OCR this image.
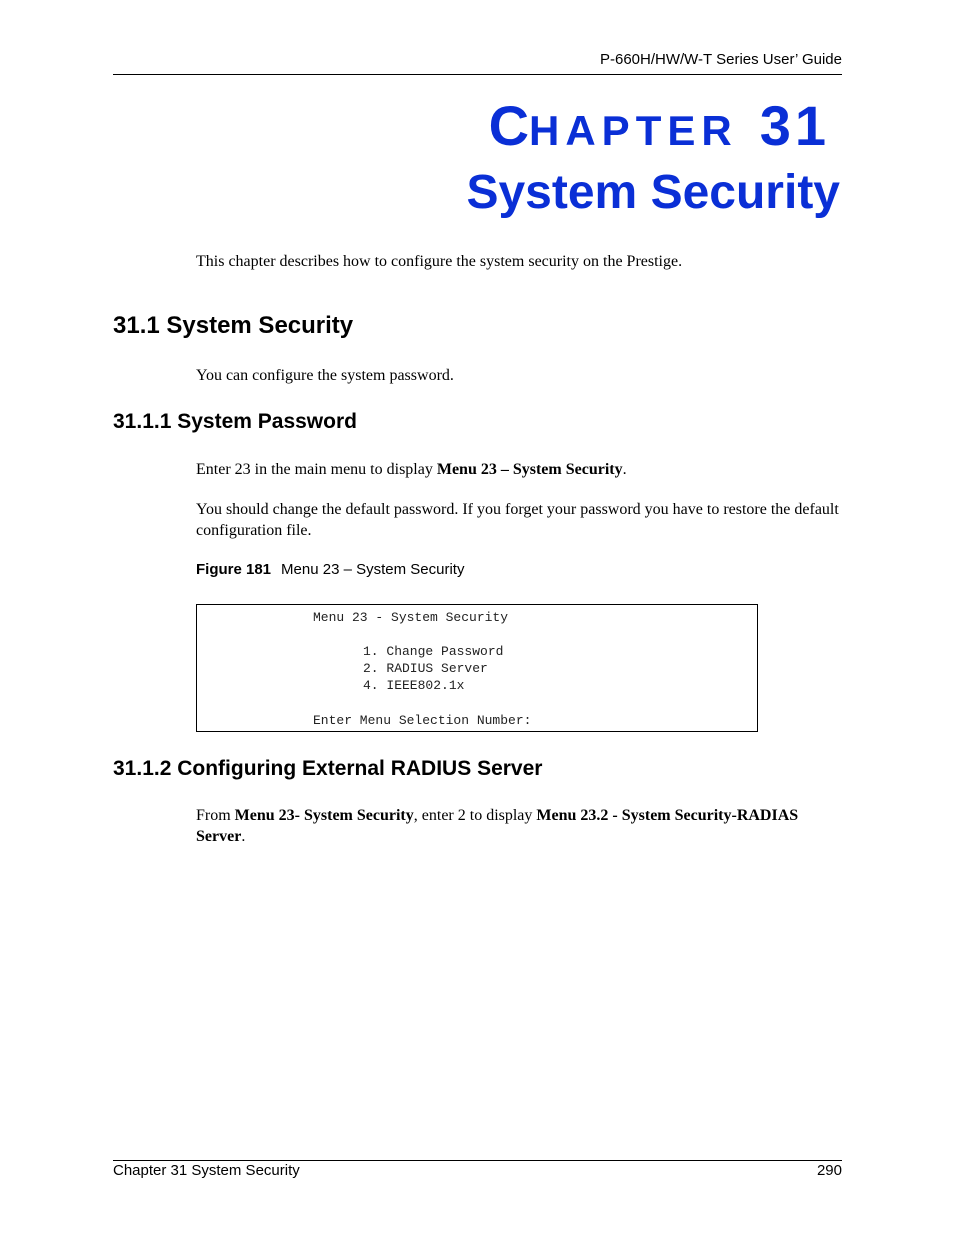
P-660H/HW/W-T Series User’ Guide
CHAPTER 31
System Security
This chapter describes how to configure the system security on the Prestige.
31.1 System Security
You can configure the system password.
31.1.1 System Password
Enter 23 in the main menu to display Menu 23 – System Security.
You should change the default password. If you forget your password you have to restore the default configuration file.
Figure 181 Menu 23 – System Security
Menu 23 - System Security
1. Change Password
2. RADIUS Server
4. IEEE802.1x
Enter Menu Selection Number:
31.1.2 Configuring External RADIUS Server
From Menu 23- System Security, enter 2 to display Menu 23.2 - System Security-RADIAS Server.
Chapter 31 System Security	290
